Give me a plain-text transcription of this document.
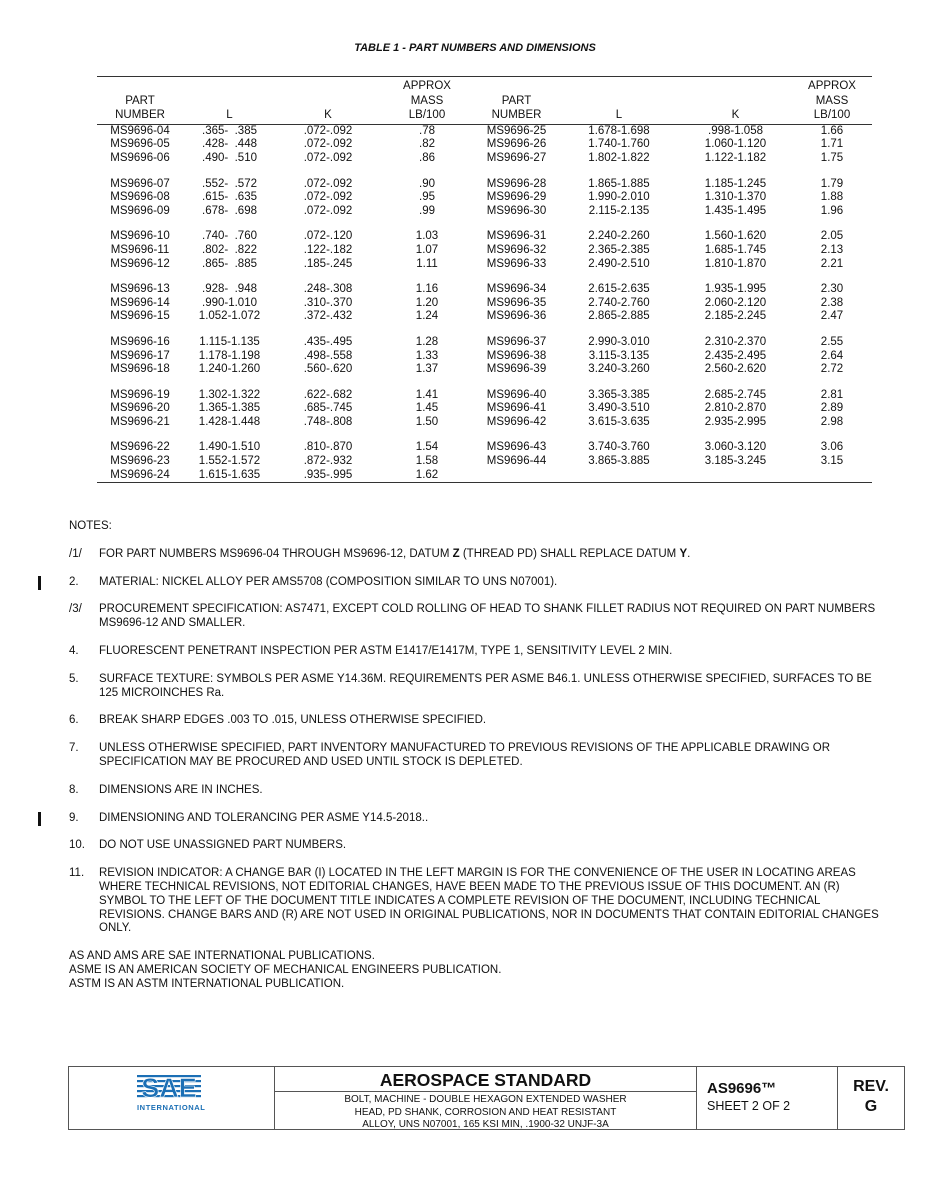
TABLE 1 - PART NUMBERS AND DIMENSIONS
			APPROX				APPROX
PART			MASS	PART			MASS
NUMBER	L	K	LB/100	NUMBER	L	K	LB/100
MS9696-04	.365-  .385	.072-.092	.78	MS9696-25	1.678-1.698	.998-1.058	1.66
MS9696-05	.428-  .448	.072-.092	.82	MS9696-26	1.740-1.760	1.060-1.120	1.71
MS9696-06	.490-  .510	.072-.092	.86	MS9696-27	1.802-1.822	1.122-1.182	1.75
MS9696-07	.552-  .572	.072-.092	.90	MS9696-28	1.865-1.885	1.185-1.245	1.79
MS9696-08	.615-  .635	.072-.092	.95	MS9696-29	1.990-2.010	1.310-1.370	1.88
MS9696-09	.678-  .698	.072-.092	.99	MS9696-30	2.115-2.135	1.435-1.495	1.96
MS9696-10	.740-  .760	.072-.120	1.03	MS9696-31	2.240-2.260	1.560-1.620	2.05
MS9696-11	.802-  .822	.122-.182	1.07	MS9696-32	2.365-2.385	1.685-1.745	2.13
MS9696-12	.865-  .885	.185-.245	1.11	MS9696-33	2.490-2.510	1.810-1.870	2.21
MS9696-13	.928-  .948	.248-.308	1.16	MS9696-34	2.615-2.635	1.935-1.995	2.30
MS9696-14	.990-1.010	.310-.370	1.20	MS9696-35	2.740-2.760	2.060-2.120	2.38
MS9696-15	1.052-1.072	.372-.432	1.24	MS9696-36	2.865-2.885	2.185-2.245	2.47
MS9696-16	1.115-1.135	.435-.495	1.28	MS9696-37	2.990-3.010	2.310-2.370	2.55
MS9696-17	1.178-1.198	.498-.558	1.33	MS9696-38	3.115-3.135	2.435-2.495	2.64
MS9696-18	1.240-1.260	.560-.620	1.37	MS9696-39	3.240-3.260	2.560-2.620	2.72
MS9696-19	1.302-1.322	.622-.682	1.41	MS9696-40	3.365-3.385	2.685-2.745	2.81
MS9696-20	1.365-1.385	.685-.745	1.45	MS9696-41	3.490-3.510	2.810-2.870	2.89
MS9696-21	1.428-1.448	.748-.808	1.50	MS9696-42	3.615-3.635	2.935-2.995	2.98
MS9696-22	1.490-1.510	.810-.870	1.54	MS9696-43	3.740-3.760	3.060-3.120	3.06
MS9696-23	1.552-1.572	.872-.932	1.58	MS9696-44	3.865-3.885	3.185-3.245	3.15
MS9696-24	1.615-1.635	.935-.995	1.62				
NOTES:
/1/ FOR PART NUMBERS MS9696-04 THROUGH MS9696-12, DATUM Z (THREAD PD) SHALL REPLACE DATUM Y.
2. MATERIAL: NICKEL ALLOY PER AMS5708 (COMPOSITION SIMILAR TO UNS N07001).
/3/ PROCUREMENT SPECIFICATION: AS7471, EXCEPT COLD ROLLING OF HEAD TO SHANK FILLET RADIUS NOT REQUIRED ON PART NUMBERS MS9696-12 AND SMALLER.
4. FLUORESCENT PENETRANT INSPECTION PER ASTM E1417/E1417M, TYPE 1, SENSITIVITY LEVEL 2 MIN.
5. SURFACE TEXTURE: SYMBOLS PER ASME Y14.36M. REQUIREMENTS PER ASME B46.1. UNLESS OTHERWISE SPECIFIED, SURFACES TO BE 125 MICROINCHES Ra.
6. BREAK SHARP EDGES .003 TO .015, UNLESS OTHERWISE SPECIFIED.
7. UNLESS OTHERWISE SPECIFIED, PART INVENTORY MANUFACTURED TO PREVIOUS REVISIONS OF THE APPLICABLE DRAWING OR SPECIFICATION MAY BE PROCURED AND USED UNTIL STOCK IS DEPLETED.
8. DIMENSIONS ARE IN INCHES.
9. DIMENSIONING AND TOLERANCING PER ASME Y14.5-2018..
10. DO NOT USE UNASSIGNED PART NUMBERS.
11. REVISION INDICATOR: A CHANGE BAR (I) LOCATED IN THE LEFT MARGIN IS FOR THE CONVENIENCE OF THE USER IN LOCATING AREAS WHERE TECHNICAL REVISIONS, NOT EDITORIAL CHANGES, HAVE BEEN MADE TO THE PREVIOUS ISSUE OF THIS DOCUMENT. AN (R) SYMBOL TO THE LEFT OF THE DOCUMENT TITLE INDICATES A COMPLETE REVISION OF THE DOCUMENT, INCLUDING TECHNICAL REVISIONS. CHANGE BARS AND (R) ARE NOT USED IN ORIGINAL PUBLICATIONS, NOR IN DOCUMENTS THAT CONTAIN EDITORIAL CHANGES ONLY.
AS AND AMS ARE SAE INTERNATIONAL PUBLICATIONS.
ASME IS AN AMERICAN SOCIETY OF MECHANICAL ENGINEERS PUBLICATION.
ASTM IS AN ASTM INTERNATIONAL PUBLICATION.
SAE
INTERNATIONAL
AEROSPACE STANDARD
BOLT, MACHINE - DOUBLE HEXAGON EXTENDED WASHER
HEAD, PD SHANK, CORROSION AND HEAT RESISTANT
ALLOY, UNS N07001, 165 KSI MIN, .1900-32 UNJF-3A
AS9696™
SHEET 2 OF 2
REV.
G
